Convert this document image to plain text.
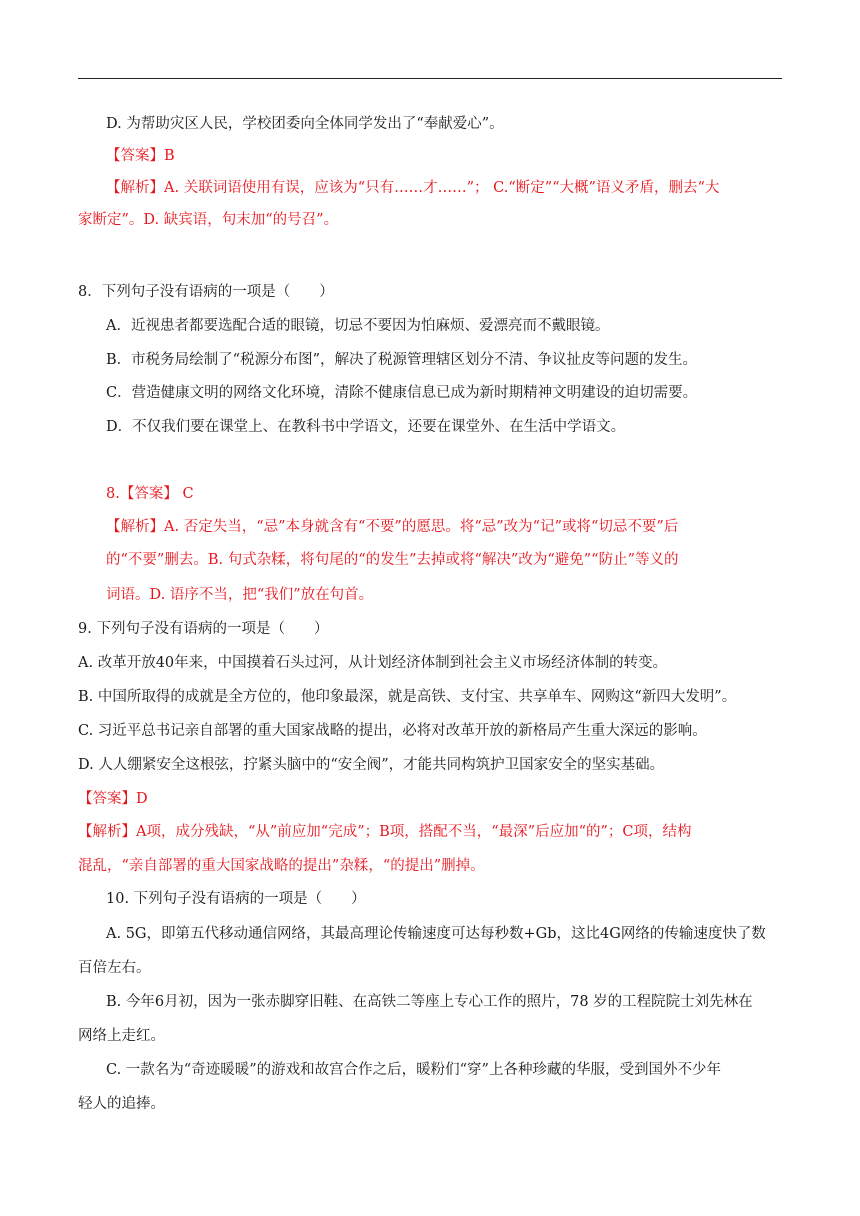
D. 为帮助灾区人民，学校团委向全体同学发出了“奉献爱心”。
【答案】B
【解析】A. 关联词语使用有误，应该为“只有……才……”； C.“断定”“大概”语义矛盾，删去“大
家断定”。D. 缺宾语，句末加“的号召”。
8．下列句子没有语病的一项是（　　）
A．近视患者都要选配合适的眼镜，切忌不要因为怕麻烦、爱漂亮而不戴眼镜。
B．市税务局绘制了“税源分布图”，解决了税源管理辖区划分不清、争议扯皮等问题的发生。
C．营造健康文明的网络文化环境，清除不健康信息已成为新时期精神文明建设的迫切需要。
D．不仅我们要在课堂上、在教科书中学语文，还要在课堂外、在生活中学语文。
8.【答案】 C
【解析】A. 否定失当，“忌”本身就含有“不要”的愿思。将“忌”改为“记”或将“切忌不要”后
的“不要”删去。B. 句式杂糅，将句尾的“的发生”去掉或将“解决”改为“避免”“防止”等义的
词语。D. 语序不当，把“我们”放在句首。
9. 下列句子没有语病的一项是（　　）
A. 改革开放40年来，中国摸着石头过河，从计划经济体制到社会主义市场经济体制的转变。
B. 中国所取得的成就是全方位的，他印象最深，就是高铁、支付宝、共享单车、网购这“新四大发明”。
C. 习近平总书记亲自部署的重大国家战略的提出，必将对改革开放的新格局产生重大深远的影响。
D. 人人绷紧安全这根弦，拧紧头脑中的“安全阀”，才能共同构筑护卫国家安全的坚实基础。
【答案】D
【解析】A项，成分残缺，“从”前应加“完成”；B项，搭配不当，“最深”后应加“的”；C项，结构
混乱，“亲自部署的重大国家战略的提出”杂糅，“的提出”删掉。
10. 下列句子没有语病的一项是（　　）
A. 5G，即第五代移动通信网络，其最高理论传输速度可达每秒数+Gb，这比4G网络的传输速度快了数
百倍左右。
B. 今年6月初，因为一张赤脚穿旧鞋、在高铁二等座上专心工作的照片，78 岁的工程院院士刘先林在
网络上走红。
C. 一款名为“奇迹暖暖”的游戏和故宫合作之后，暖粉们“穿”上各种珍藏的华服，受到国外不少年
轻人的追捧。
